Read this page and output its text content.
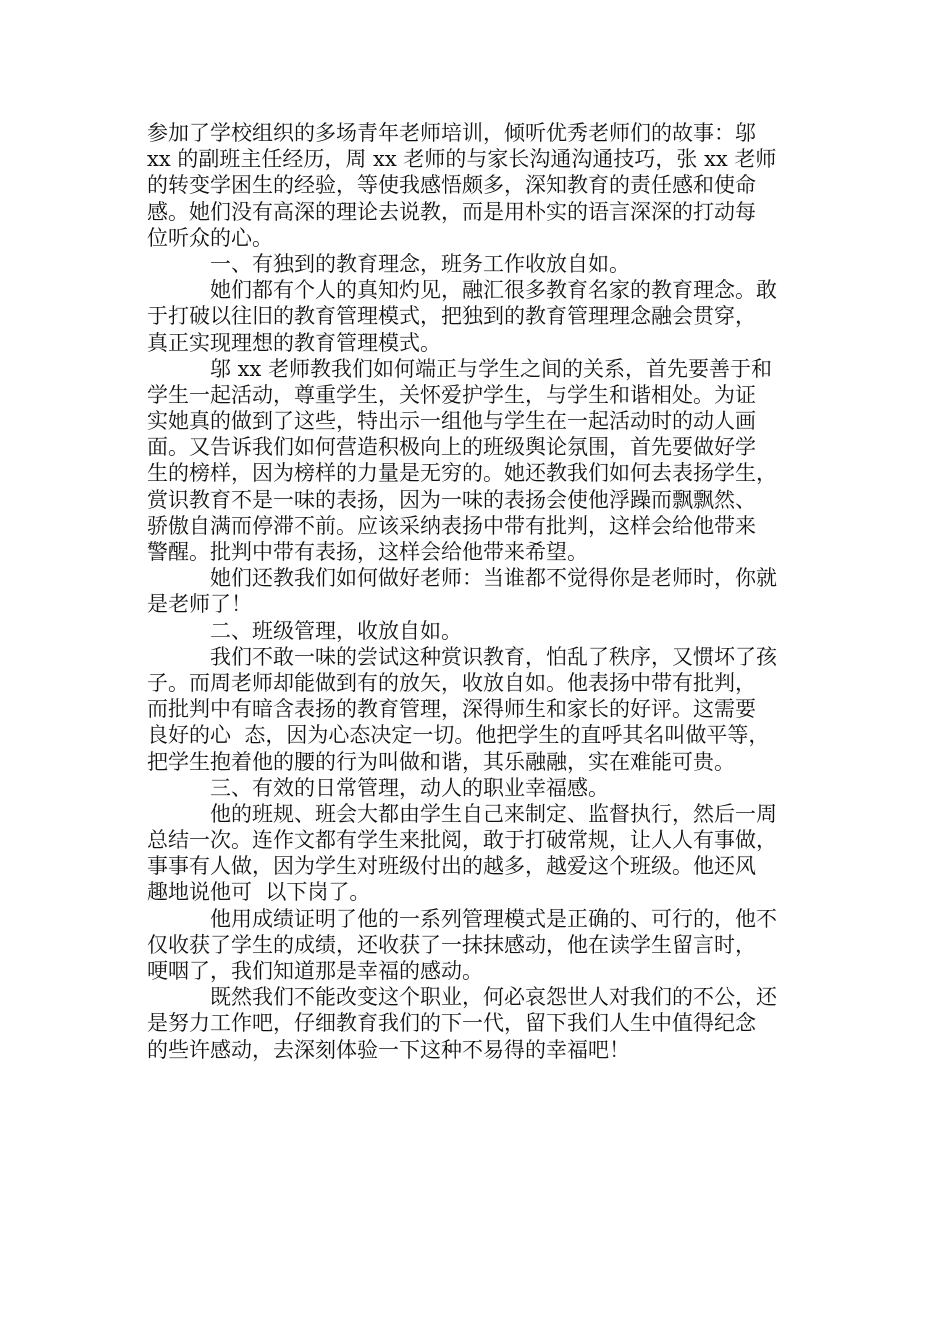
参加了学校组织的多场青年老师培训，倾听优秀老师们的故事：邬
xx 的副班主任经历，周 xx 老师的与家长沟通沟通技巧，张 xx 老师
的转变学困生的经验，等使我感悟颇多，深知教育的责任感和使命
感。她们没有高深的理论去说教，而是用朴实的语言深深的打动每
位听众的心。
　　　一、有独到的教育理念，班务工作收放自如。
　　　她们都有个人的真知灼见，融汇很多教育名家的教育理念。敢
于打破以往旧的教育管理模式，把独到的教育管理理念融会贯穿，
真正实现理想的教育管理模式。
　　　邬 xx 老师教我们如何端正与学生之间的关系，首先要善于和
学生一起活动，尊重学生，关怀爱护学生，与学生和谐相处。为证
实她真的做到了这些，特出示一组他与学生在一起活动时的动人画
面。又告诉我们如何营造积极向上的班级舆论氛围，首先要做好学
生的榜样，因为榜样的力量是无穷的。她还教我们如何去表扬学生，
赏识教育不是一味的表扬，因为一味的表扬会使他浮躁而飘飘然、
骄傲自满而停滞不前。应该采纳表扬中带有批判，这样会给他带来
警醒。批判中带有表扬，这样会给他带来希望。
　　　她们还教我们如何做好老师：当谁都不觉得你是老师时，你就
是老师了！
　　　二、班级管理，收放自如。
　　　我们不敢一味的尝试这种赏识教育，怕乱了秩序，又惯坏了孩
子。而周老师却能做到有的放矢，收放自如。他表扬中带有批判，
而批判中有暗含表扬的教育管理，深得师生和家长的好评。这需要
良好的心  态，因为心态决定一切。他把学生的直呼其名叫做平等，
把学生抱着他的腰的行为叫做和谐，其乐融融，实在难能可贵。
　　　三、有效的日常管理，动人的职业幸福感。
　　　他的班规、班会大都由学生自己来制定、监督执行，然后一周
总结一次。连作文都有学生来批阅，敢于打破常规，让人人有事做，
事事有人做，因为学生对班级付出的越多，越爱这个班级。他还风
趣地说他可  以下岗了。
　　　他用成绩证明了他的一系列管理模式是正确的、可行的，他不
仅收获了学生的成绩，还收获了一抹抹感动，他在读学生留言时，
哽咽了，我们知道那是幸福的感动。
　　　既然我们不能改变这个职业，何必哀怨世人对我们的不公，还
是努力工作吧，仔细教育我们的下一代，留下我们人生中值得纪念
的些许感动，去深刻体验一下这种不易得的幸福吧！
